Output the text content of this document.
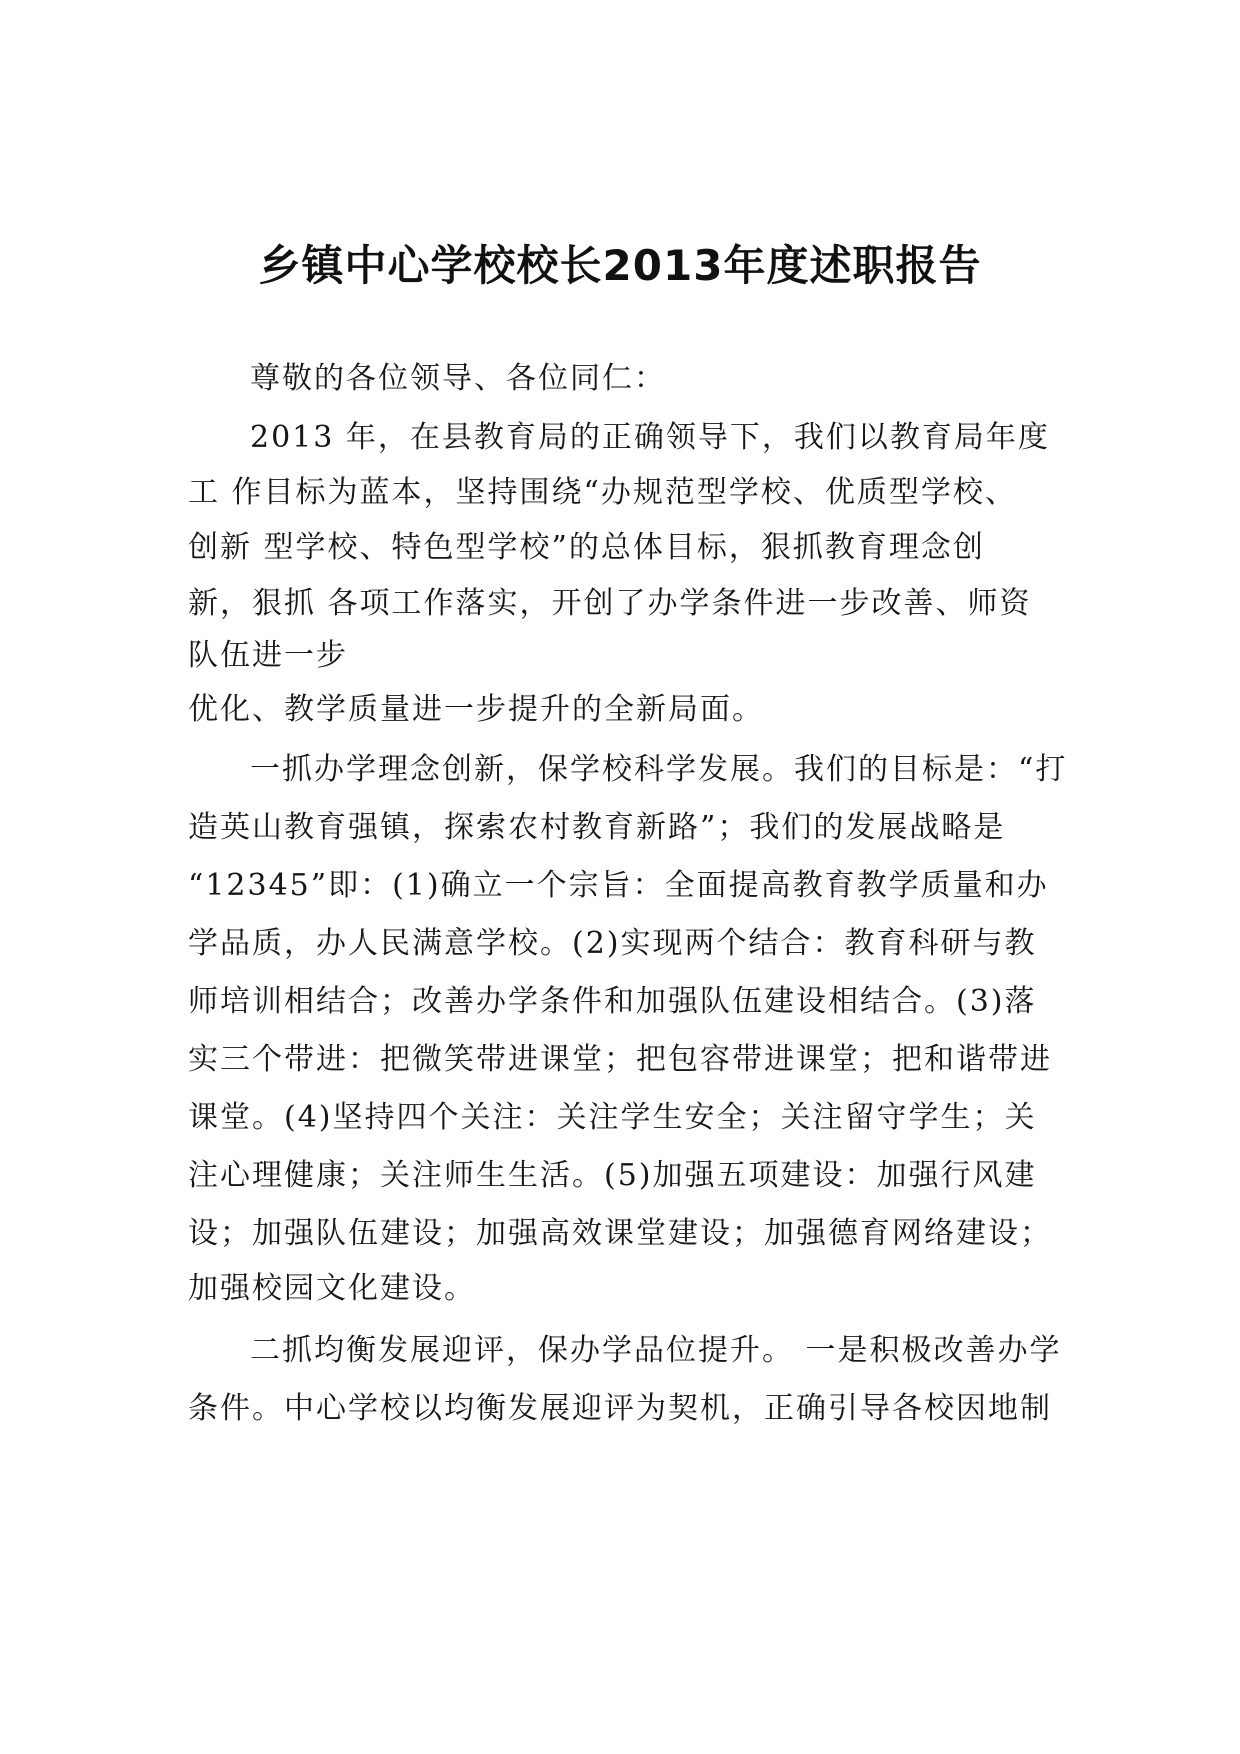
乡镇中心学校校长2013年度述职报告

尊敬的各位领导、各位同仁：

2013 年，在县教育局的正确领导下，我们以教育局年度

工 作目标为蓝本，坚持围绕“办规范型学校、优质型学校、

创新 型学校、特色型学校”的总体目标，狠抓教育理念创

新，狠抓 各项工作落实，开创了办学条件进一步改善、师资

队伍进一步

优化、教学质量进一步提升的全新局面。

一抓办学理念创新，保学校科学发展。我们的目标是：“打

造英山教育强镇，探索农村教育新路”；我们的发展战略是

“12345”即：(1)确立一个宗旨：全面提高教育教学质量和办

学品质，办人民满意学校。(2)实现两个结合：教育科研与教

师培训相结合；改善办学条件和加强队伍建设相结合。(3)落

实三个带进：把微笑带进课堂；把包容带进课堂；把和谐带进

课堂。(4)坚持四个关注：关注学生安全；关注留守学生；关

注心理健康；关注师生生活。(5)加强五项建设：加强行风建

设；加强队伍建设；加强高效课堂建设；加强德育网络建设；

加强校园文化建设。

二抓均衡发展迎评，保办学品位提升。 一是积极改善办学

条件。中心学校以均衡发展迎评为契机，正确引导各校因地制
